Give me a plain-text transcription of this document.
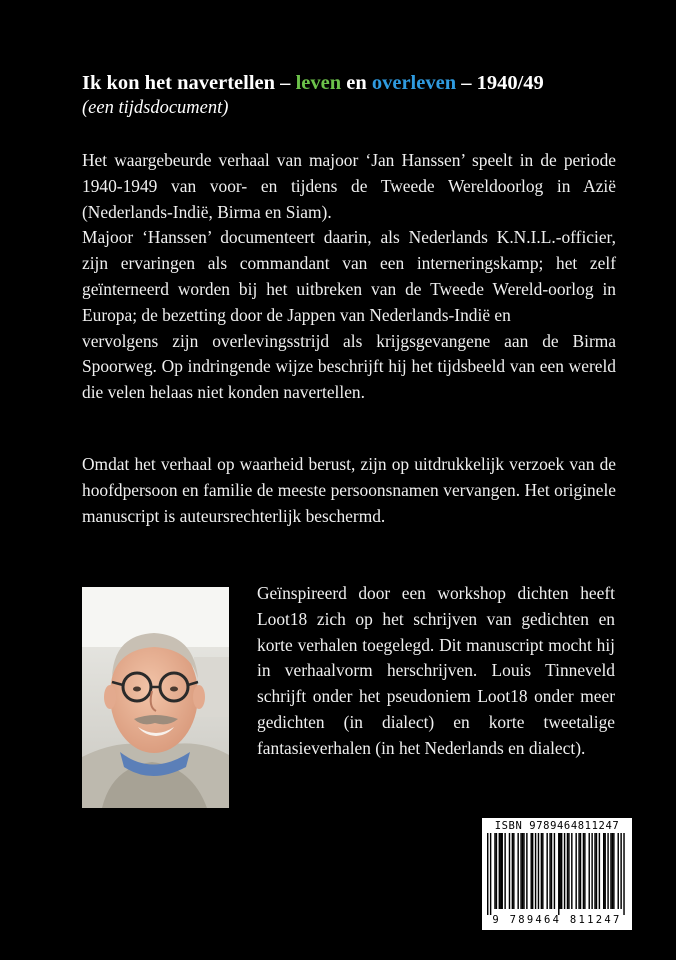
Ik kon het navertellen – leven en overleven – 1940/49
(een tijdsdocument)
Het waargebeurde verhaal van majoor ‘Jan Hanssen’ speelt in de periode 1940-1949 van voor- en tijdens de Tweede Wereldoorlog in Azië (Nederlands-Indië, Birma en Siam).
Majoor ‘Hanssen’ documenteert daarin, als Nederlands K.N.I.L.-officier, zijn ervaringen als commandant van een interneringskamp; het zelf geïnterneerd worden bij het uitbreken van de Tweede Wereld-oorlog in Europa; de bezetting door de Jappen van Nederlands-Indië en
vervolgens zijn overlevingsstrijd als krijgsgevangene aan de Birma Spoorweg. Op indringende wijze beschrijft hij het tijdsbeeld van een wereld die velen helaas niet konden navertellen.
Omdat het verhaal op waarheid berust, zijn op uitdrukkelijk verzoek van de hoofdpersoon en familie de meeste persoonsnamen vervangen. Het originele manuscript is auteursrechterlijk beschermd.
Geïnspireerd door een workshop dichten heeft Loot18 zich op het schrijven van gedichten en korte verhalen toegelegd. Dit manuscript mocht hij in verhaalvorm herschrijven. Louis Tinneveld schrijft onder het pseudoniem Loot18 onder meer gedichten (in dialect) en korte tweetalige fantasieverhalen (in het Nederlands en dialect).
ISBN 9789464811247
9 789464 811247
